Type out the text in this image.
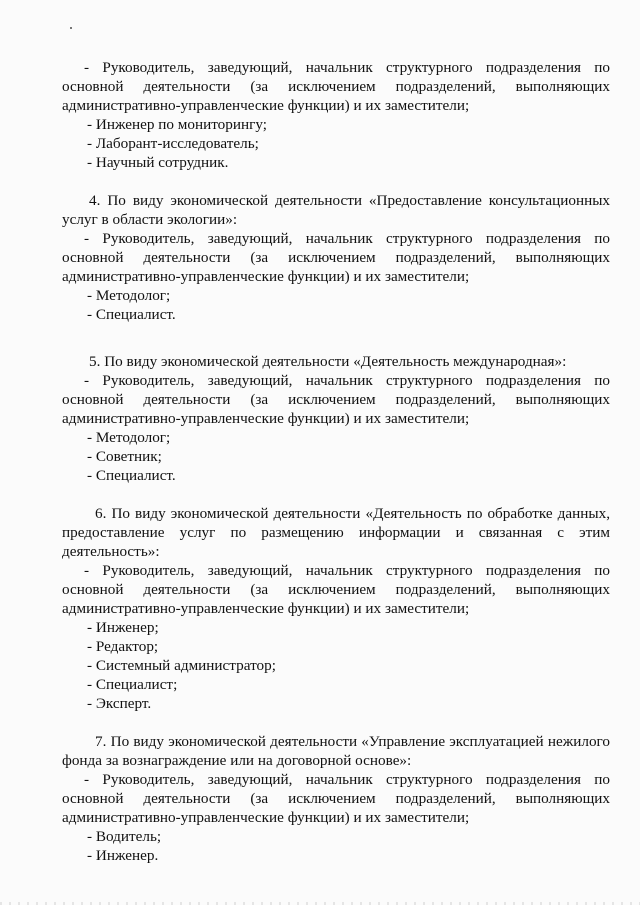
- Руководитель, заведующий, начальник структурного подразделения по основной деятельности (за исключением подразделений, выполняющих административно-управленческие функции) и их заместители;

- Инженер по мониторингу;

- Лаборант-исследователь;

- Научный сотрудник.

4. По виду экономической деятельности «Предоставление консультационных услуг в области экологии»:

- Руководитель, заведующий, начальник структурного подразделения по основной деятельности (за исключением подразделений, выполняющих административно-управленческие функции) и их заместители;

- Методолог;

- Специалист.

5. По виду экономической деятельности «Деятельность международная»:

- Руководитель, заведующий, начальник структурного подразделения по основной деятельности (за исключением подразделений, выполняющих административно-управленческие функции) и их заместители;

- Методолог;

- Советник;

- Специалист.

6. По виду экономической деятельности «Деятельность по обработке данных, предоставление услуг по размещению информации и связанная с этим деятельность»:

- Руководитель, заведующий, начальник структурного подразделения по основной деятельности (за исключением подразделений, выполняющих административно-управленческие функции) и их заместители;

- Инженер;

- Редактор;

- Системный администратор;

- Специалист;

- Эксперт.

7. По виду экономической деятельности «Управление эксплуатацией нежилого фонда за вознаграждение или на договорной основе»:

- Руководитель, заведующий, начальник структурного подразделения по основной деятельности (за исключением подразделений, выполняющих административно-управленческие функции) и их заместители;

- Водитель;

- Инженер.
